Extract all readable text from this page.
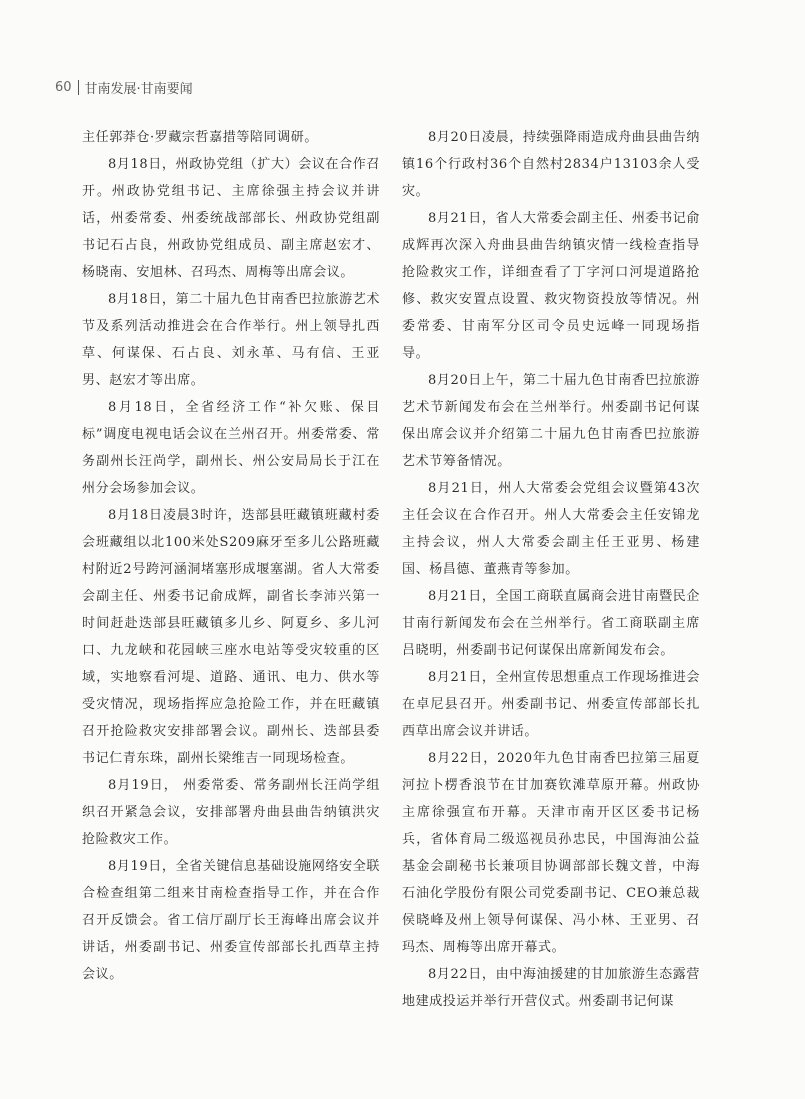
60 甘南发展·甘南要闻

主任郭莽仓·罗藏宗哲嘉措等陪同调研。

8月18日，州政协党组（扩大）会议在合作召开。州政协党组书记、主席徐强主持会议并讲话，州委常委、州委统战部部长、州政协党组副书记石占良，州政协党组成员、副主席赵宏才、杨晓南、安旭林、召玛杰、周梅等出席会议。

8月18日，第二十届九色甘南香巴拉旅游艺术节及系列活动推进会在合作举行。州上领导扎西草、何谋保、石占良、刘永革、马有信、王亚男、赵宏才等出席。

8月18日，全省经济工作“补欠账、保目标”调度电视电话会议在兰州召开。州委常委、常务副州长汪尚学，副州长、州公安局局长于江在州分会场参加会议。

8月18日凌晨3时许，迭部县旺藏镇班藏村委会班藏组以北100米处S209麻牙至多儿公路班藏村附近2号跨河涵洞堵塞形成堰塞湖。省人大常委会副主任、州委书记俞成辉，副省长李沛兴第一时间赶赴迭部县旺藏镇多儿乡、阿夏乡、多儿河口、九龙峡和花园峡三座水电站等受灾较重的区域，实地察看河堤、道路、通讯、电力、供水等受灾情况，现场指挥应急抢险工作，并在旺藏镇召开抢险救灾安排部署会议。副州长、迭部县委书记仁青东珠，副州长梁维吉一同现场检查。

8月19日， 州委常委、常务副州长汪尚学组织召开紧急会议，安排部署舟曲县曲告纳镇洪灾抢险救灾工作。

8月19日，全省关键信息基础设施网络安全联合检查组第二组来甘南检查指导工作，并在合作召开反馈会。省工信厅副厅长王海峰出席会议并讲话，州委副书记、州委宣传部部长扎西草主持会议。

8月20日凌晨，持续强降雨造成舟曲县曲告纳镇16个行政村36个自然村2834户13103余人受灾。

8月21日，省人大常委会副主任、州委书记俞成辉再次深入舟曲县曲告纳镇灾情一线检查指导抢险救灾工作，详细查看了丁字河口河堤道路抢修、救灾安置点设置、救灾物资投放等情况。州委常委、甘南军分区司令员史远峰一同现场指导。

8月20日上午，第二十届九色甘南香巴拉旅游艺术节新闻发布会在兰州举行。州委副书记何谋保出席会议并介绍第二十届九色甘南香巴拉旅游艺术节筹备情况。

8月21日，州人大常委会党组会议暨第43次主任会议在合作召开。州人大常委会主任安锦龙主持会议，州人大常委会副主任王亚男、杨建国、杨昌德、董燕青等参加。

8月21日，全国工商联直属商会进甘南暨民企甘南行新闻发布会在兰州举行。省工商联副主席吕晓明，州委副书记何谋保出席新闻发布会。

8月21日，全州宣传思想重点工作现场推进会在卓尼县召开。州委副书记、州委宣传部部长扎西草出席会议并讲话。

8月22日，2020年九色甘南香巴拉第三届夏河拉卜楞香浪节在甘加赛钦滩草原开幕。州政协主席徐强宣布开幕。天津市南开区区委书记杨兵，省体育局二级巡视员孙忠民，中国海油公益基金会副秘书长兼项目协调部部长魏文普，中海石油化学股份有限公司党委副书记、CEO兼总裁侯晓峰及州上领导何谋保、冯小林、王亚男、召玛杰、周梅等出席开幕式。

8月22日，由中海油援建的甘加旅游生态露营地建成投运并举行开营仪式。州委副书记何谋
